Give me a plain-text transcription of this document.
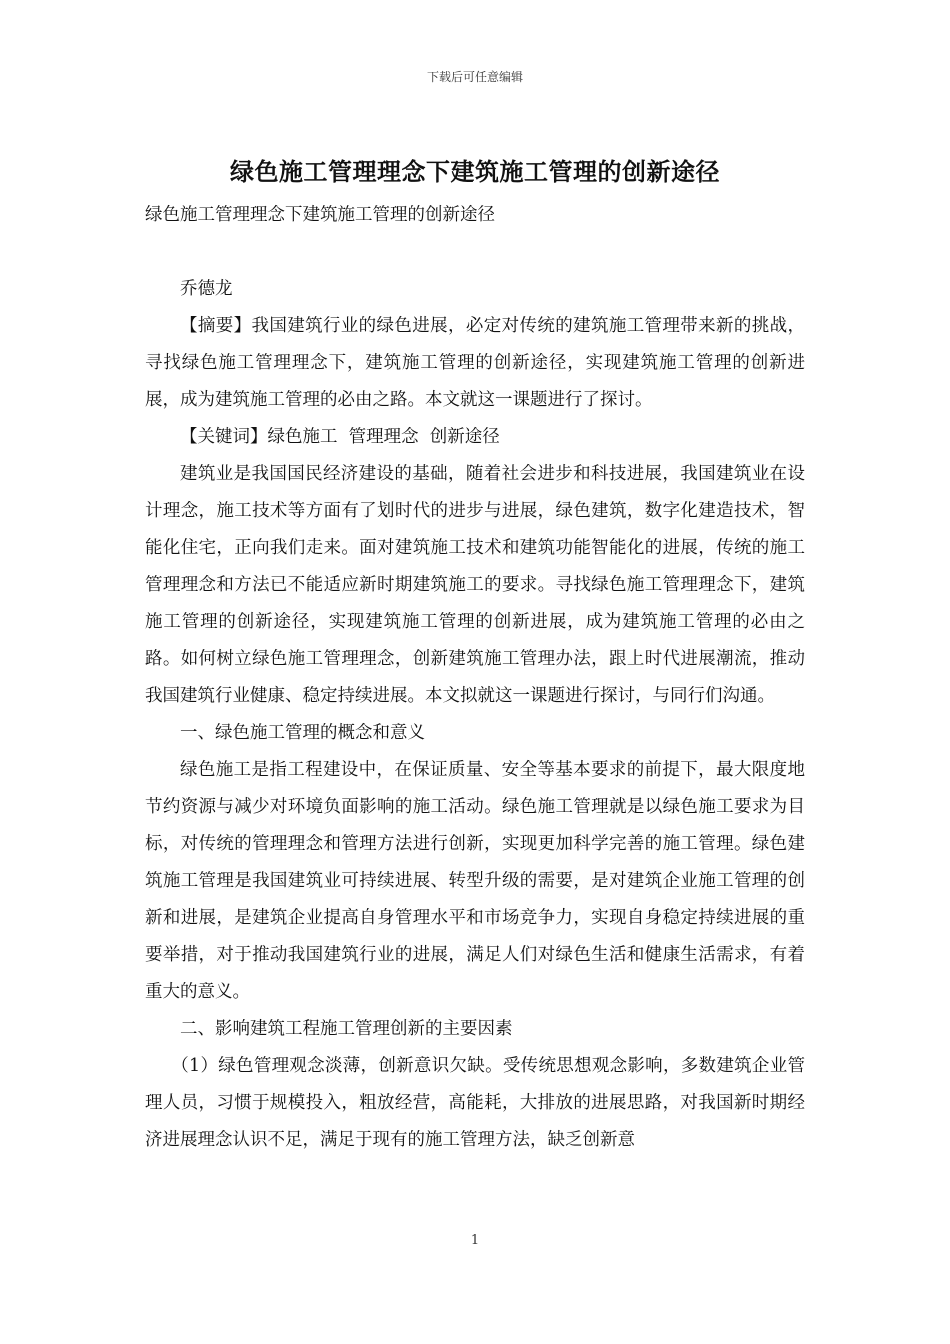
下载后可任意编辑
绿色施工管理理念下建筑施工管理的创新途径

绿色施工管理理念下建筑施工管理的创新途径

乔德龙

【摘要】我国建筑行业的绿色进展，必定对传统的建筑施工管理带来新的挑战，寻找绿色施工管理理念下，建筑施工管理的创新途径，实现建筑施工管理的创新进展，成为建筑施工管理的必由之路。本文就这一课题进行了探讨。

【关键词】绿色施工  管理理念  创新途径

建筑业是我国国民经济建设的基础，随着社会进步和科技进展，我国建筑业在设计理念，施工技术等方面有了划时代的进步与进展，绿色建筑，数字化建造技术，智能化住宅，正向我们走来。面对建筑施工技术和建筑功能智能化的进展，传统的施工管理理念和方法已不能适应新时期建筑施工的要求。寻找绿色施工管理理念下，建筑施工管理的创新途径，实现建筑施工管理的创新进展，成为建筑施工管理的必由之路。如何树立绿色施工管理理念，创新建筑施工管理办法，跟上时代进展潮流，推动我国建筑行业健康、稳定持续进展。本文拟就这一课题进行探讨，与同行们沟通。

一、绿色施工管理的概念和意义

绿色施工是指工程建设中，在保证质量、安全等基本要求的前提下，最大限度地节约资源与减少对环境负面影响的施工活动。绿色施工管理就是以绿色施工要求为目标，对传统的管理理念和管理方法进行创新，实现更加科学完善的施工管理。绿色建筑施工管理是我国建筑业可持续进展、转型升级的需要，是对建筑企业施工管理的创新和进展，是建筑企业提高自身管理水平和市场竞争力，实现自身稳定持续进展的重要举措，对于推动我国建筑行业的进展，满足人们对绿色生活和健康生活需求，有着重大的意义。

二、影响建筑工程施工管理创新的主要因素

（1）绿色管理观念淡薄，创新意识欠缺。受传统思想观念影响，多数建筑企业管理人员，习惯于规模投入，粗放经营，高能耗，大排放的进展思路，对我国新时期经济进展理念认识不足，满足于现有的施工管理方法，缺乏创新意

1
